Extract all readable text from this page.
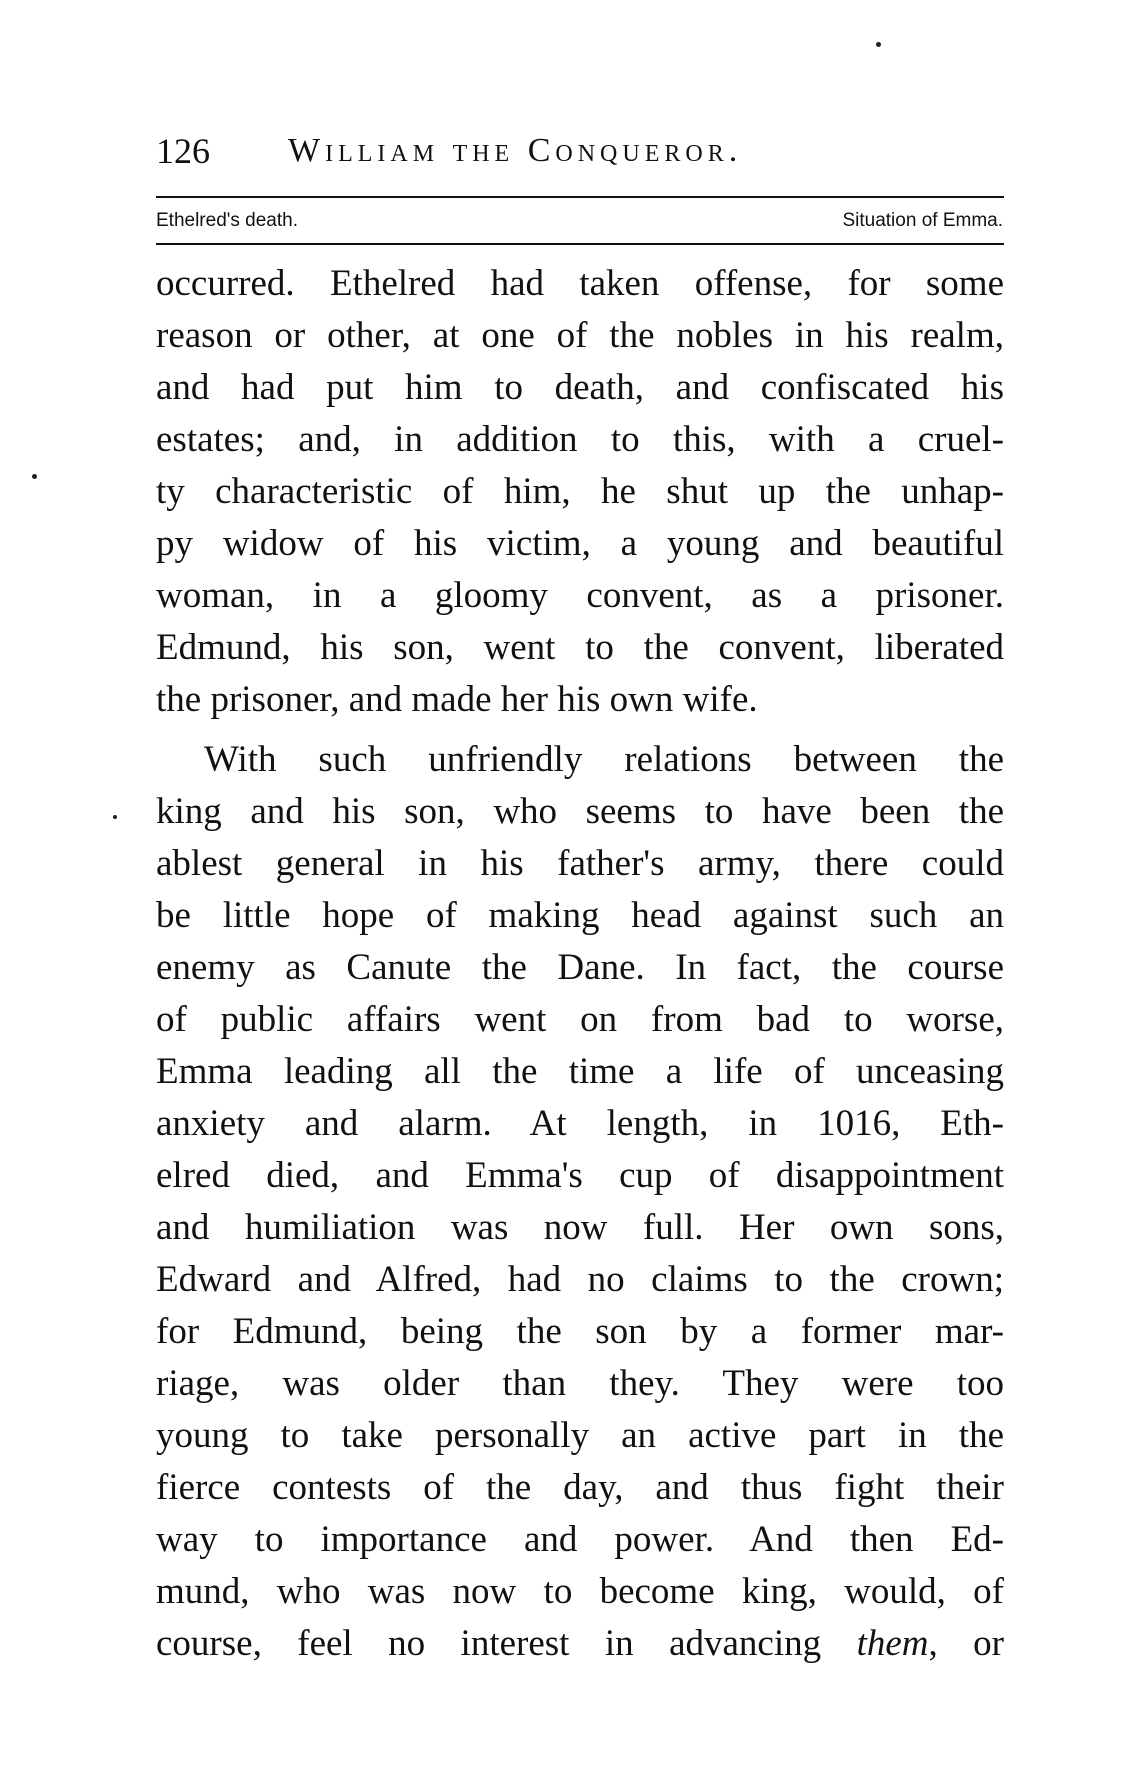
126 William the Conqueror.
Ethelred's death.	Situation of Emma.
occurred. Ethelred had taken offense, for some
reason or other, at one of the nobles in his realm,
and had put him to death, and confiscated his
estates; and, in addition to this, with a cruel-
ty characteristic of him, he shut up the unhap-
py widow of his victim, a young and beautiful
woman, in a gloomy convent, as a prisoner.
Edmund, his son, went to the convent, liberated
the prisoner, and made her his own wife.
With such unfriendly relations between the
king and his son, who seems to have been the
ablest general in his father's army, there could
be little hope of making head against such an
enemy as Canute the Dane. In fact, the course
of public affairs went on from bad to worse,
Emma leading all the time a life of unceasing
anxiety and alarm. At length, in 1016, Eth-
elred died, and Emma's cup of disappointment
and humiliation was now full. Her own sons,
Edward and Alfred, had no claims to the crown;
for Edmund, being the son by a former mar-
riage, was older than they. They were too
young to take personally an active part in the
fierce contests of the day, and thus fight their
way to importance and power. And then Ed-
mund, who was now to become king, would, of
course, feel no interest in advancing them, or
